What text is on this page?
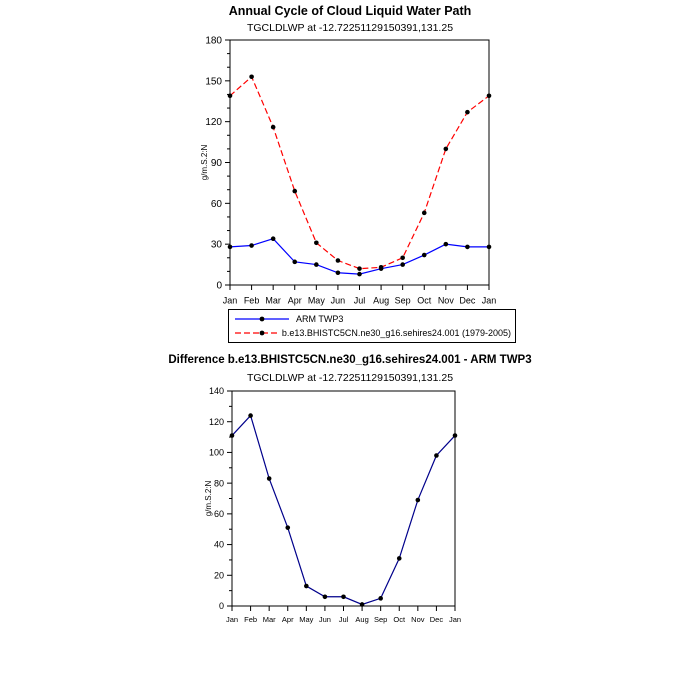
0
30
60
90
120
150
180
Jan Feb Mar Apr May Jun Jul Aug Sep Oct Nov Dec Jan
g/m.S.2:N
0
20
40
60
80
100
120
140
Jan Feb Mar Apr May Jun Jul Aug Sep Oct Nov Dec Jan
g/m.S.2:N
Annual Cycle of Cloud Liquid Water Path
TGCLDLWP at -12.72251129150391,131.25
ARM TWP3
b.e13.BHISTC5CN.ne30_g16.sehires24.001 (1979-2005)
Difference b.e13.BHISTC5CN.ne30_g16.sehires24.001 - ARM TWP3
TGCLDLWP at -12.72251129150391,131.25
